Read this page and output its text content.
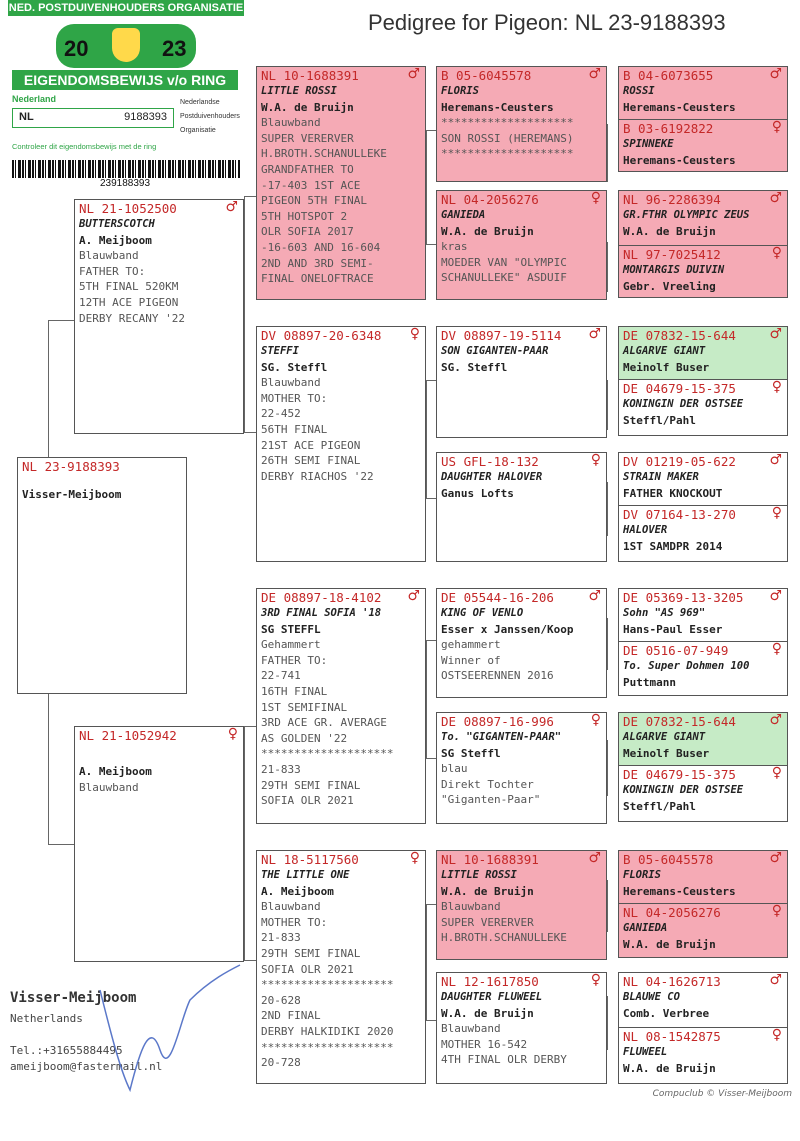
Pedigree for Pigeon: NL 23-9188393
NED. POSTDUIVENHOUDERS ORGANISATIE
20	23
EIGENDOMSBEWIJS v/o RING
Nederland
NL	9188393
Nederlandse
Postduivenhouders
Organisatie
Controleer dit eigendomsbewijs met de ring
239188393
NL 23-9188393
Visser-Meijboom
NL 21-1052500	♂
BUTTERSCOTCH
A. Meijboom
Blauwband
FATHER TO:
5TH FINAL 520KM
12TH ACE PIGEON
DERBY RECANY '22
NL 21-1052942	♀
A. Meijboom
Blauwband
NL 10-1688391	♂
LITTLE ROSSI
W.A. de Bruijn
Blauwband
SUPER VERERVER
H.BROTH.SCHANULLEKE
GRANDFATHER TO
-17-403 1ST ACE
PIGEON 5TH FINAL
5TH HOTSPOT 2
OLR SOFIA 2017
-16-603 AND 16-604
2ND AND 3RD SEMI-
FINAL ONELOFTRACE
DV 08897-20-6348 ♀
STEFFI
SG. Steffl
Blauwband
MOTHER TO:
22-452
56TH FINAL
21ST ACE PIGEON
26TH SEMI FINAL
DERBY RIACHOS '22
DE 08897-18-4102 ♂
3RD FINAL SOFIA '18
SG STEFFL
Gehammert
FATHER TO:
22-741
16TH FINAL
1ST SEMIFINAL
3RD ACE GR. AVERAGE
AS GOLDEN '22
********************
21-833
29TH SEMI FINAL
SOFIA OLR 2021
NL 18-5117560	♀
THE LITTLE ONE
A. Meijboom
Blauwband
MOTHER TO:
21-833
29TH SEMI FINAL
SOFIA OLR 2021
********************
20-628
2ND FINAL
DERBY HALKIDIKI 2020
********************
20-728
B 05-6045578	♂
FLORIS
Heremans-Ceusters
********************
SON ROSSI (HEREMANS)
********************
NL 04-2056276	♀
GANIEDA
W.A. de Bruijn
kras
MOEDER VAN "OLYMPIC
SCHANULLEKE" ASDUIF
DV 08897-19-5114 ♂
SON GIGANTEN-PAAR
SG. Steffl
US GFL-18-132	♀
DAUGHTER HALOVER
Ganus Lofts
DE 05544-16-206 ♂
KING OF VENLO
Esser x Janssen/Koop
gehammert
Winner of
OSTSEERENNEN 2016
DE 08897-16-996	♀
To. "GIGANTEN-PAAR"
SG Steffl
blau
Direkt Tochter
"Giganten-Paar"
NL 10-1688391	♂
LITTLE ROSSI
W.A. de Bruijn
Blauwband
SUPER VERERVER
H.BROTH.SCHANULLEKE
NL 12-1617850	♀
DAUGHTER FLUWEEL
W.A. de Bruijn
Blauwband
MOTHER 16-542
4TH FINAL OLR DERBY
B 04-6073655	♂
ROSSI
Heremans-Ceusters
B 03-6192822	♀
SPINNEKE
Heremans-Ceusters
NL 96-2286394	♂
GR.FTHR OLYMPIC ZEUS
W.A. de Bruijn
NL 97-7025412	♀
MONTARGIS DUIVIN
Gebr. Vreeling
DE 07832-15-644 ♂
ALGARVE GIANT
Meinolf Buser
DE 04679-15-375	♀
KONINGIN DER OSTSEE
Steffl/Pahl
DV 01219-05-622 ♂
STRAIN MAKER
FATHER KNOCKOUT
DV 07164-13-270	♀
HALOVER
1ST SAMDPR 2014
DE 05369-13-3205 ♂
Sohn "AS 969"
Hans-Paul Esser
DE 0516-07-949	♀
To. Super Dohmen 100
Puttmann
DE 07832-15-644 ♂
ALGARVE GIANT
Meinolf Buser
DE 04679-15-375	♀
KONINGIN DER OSTSEE
Steffl/Pahl
B 05-6045578	♂
FLORIS
Heremans-Ceusters
NL 04-2056276	♀
GANIEDA
W.A. de Bruijn
NL 04-1626713	♂
BLAUWE CO
Comb. Verbree
NL 08-1542875	♀
FLUWEEL
W.A. de Bruijn
Visser-Meijboom
Netherlands
Tel.:+31655884495
ameijboom@fastermail.nl
Compuclub © Visser-Meijboom
